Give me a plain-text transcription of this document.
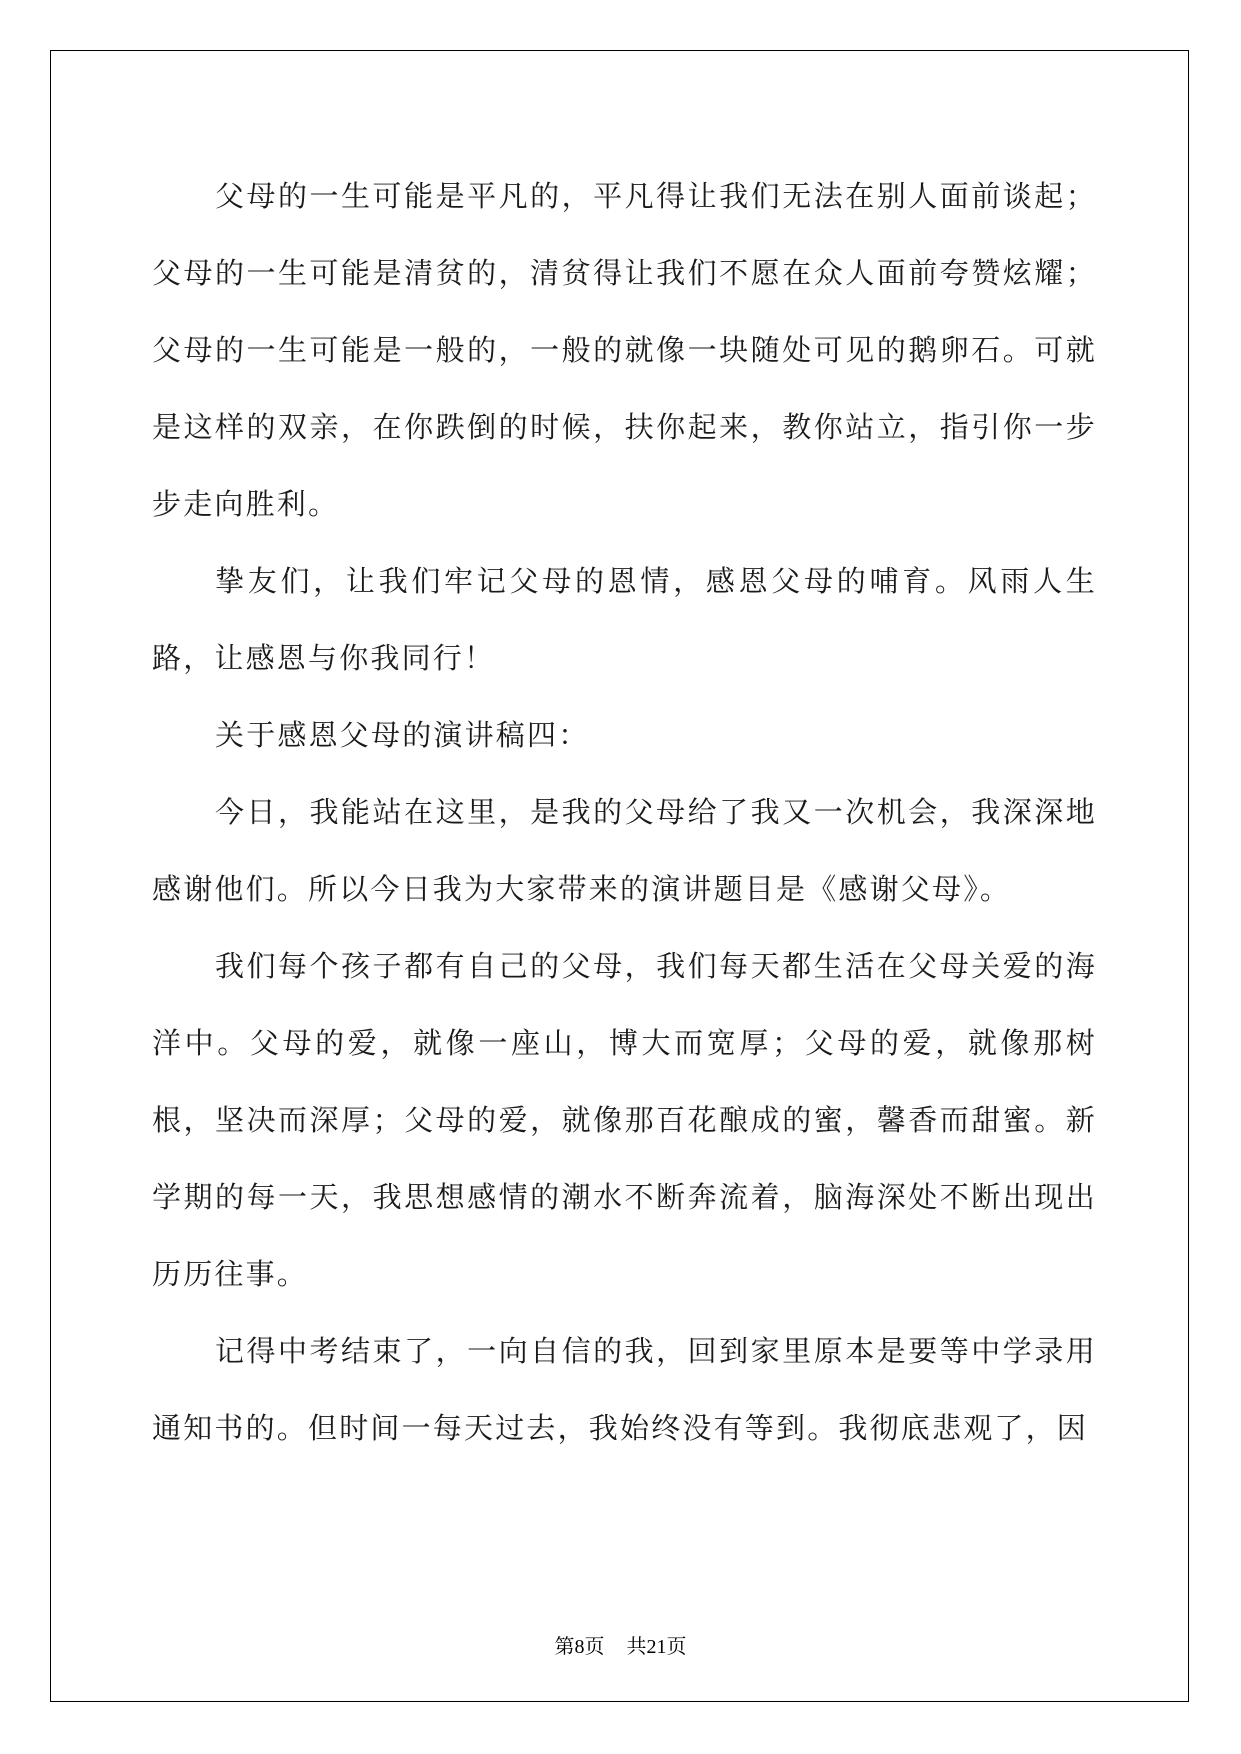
父母的一生可能是平凡的，平凡得让我们无法在别人面前谈起；父母的一生可能是清贫的，清贫得让我们不愿在众人面前夸赞炫耀；父母的一生可能是一般的，一般的就像一块随处可见的鹅卵石。可就是这样的双亲，在你跌倒的时候，扶你起来，教你站立，指引你一步步走向胜利。

挚友们，让我们牢记父母的恩情，感恩父母的哺育。风雨人生路，让感恩与你我同行！

关于感恩父母的演讲稿四：

今日，我能站在这里，是我的父母给了我又一次机会，我深深地感谢他们。所以今日我为大家带来的演讲题目是《感谢父母》。

我们每个孩子都有自己的父母，我们每天都生活在父母关爱的海洋中。父母的爱，就像一座山，博大而宽厚；父母的爱，就像那树根，坚决而深厚；父母的爱，就像那百花酿成的蜜，馨香而甜蜜。新学期的每一天，我思想感情的潮水不断奔流着，脑海深处不断出现出历历往事。

记得中考结束了，一向自信的我，回到家里原本是要等中学录用通知书的。但时间一每天过去，我始终没有等到。我彻底悲观了，因

第8页 共21页
